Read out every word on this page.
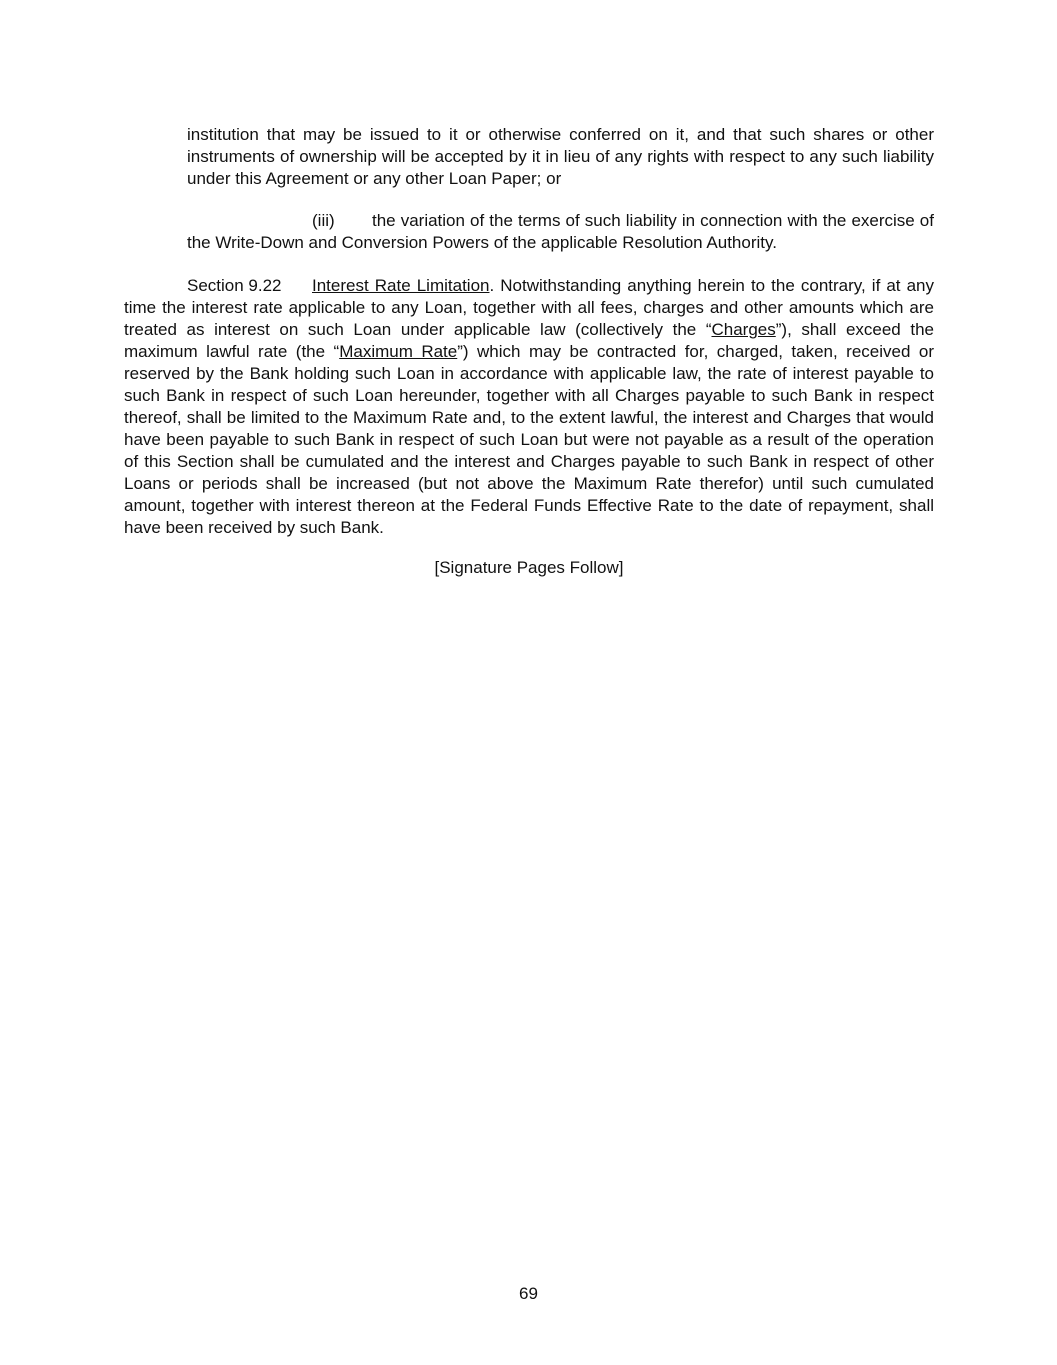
institution that may be issued to it or otherwise conferred on it, and that such shares or other instruments of ownership will be accepted by it in lieu of any rights with respect to any such liability under this Agreement or any other Loan Paper; or

(iii) the variation of the terms of such liability in connection with the exercise of the Write-Down and Conversion Powers of the applicable Resolution Authority.

Section 9.22 Interest Rate Limitation. Notwithstanding anything herein to the contrary, if at any time the interest rate applicable to any Loan, together with all fees, charges and other amounts which are treated as interest on such Loan under applicable law (collectively the “Charges”), shall exceed the maximum lawful rate (the “Maximum Rate”) which may be contracted for, charged, taken, received or reserved by the Bank holding such Loan in accordance with applicable law, the rate of interest payable to such Bank in respect of such Loan hereunder, together with all Charges payable to such Bank in respect thereof, shall be limited to the Maximum Rate and, to the extent lawful, the interest and Charges that would have been payable to such Bank in respect of such Loan but were not payable as a result of the operation of this Section shall be cumulated and the interest and Charges payable to such Bank in respect of other Loans or periods shall be increased (but not above the Maximum Rate therefor) until such cumulated amount, together with interest thereon at the Federal Funds Effective Rate to the date of repayment, shall have been received by such Bank.

[Signature Pages Follow]
69
